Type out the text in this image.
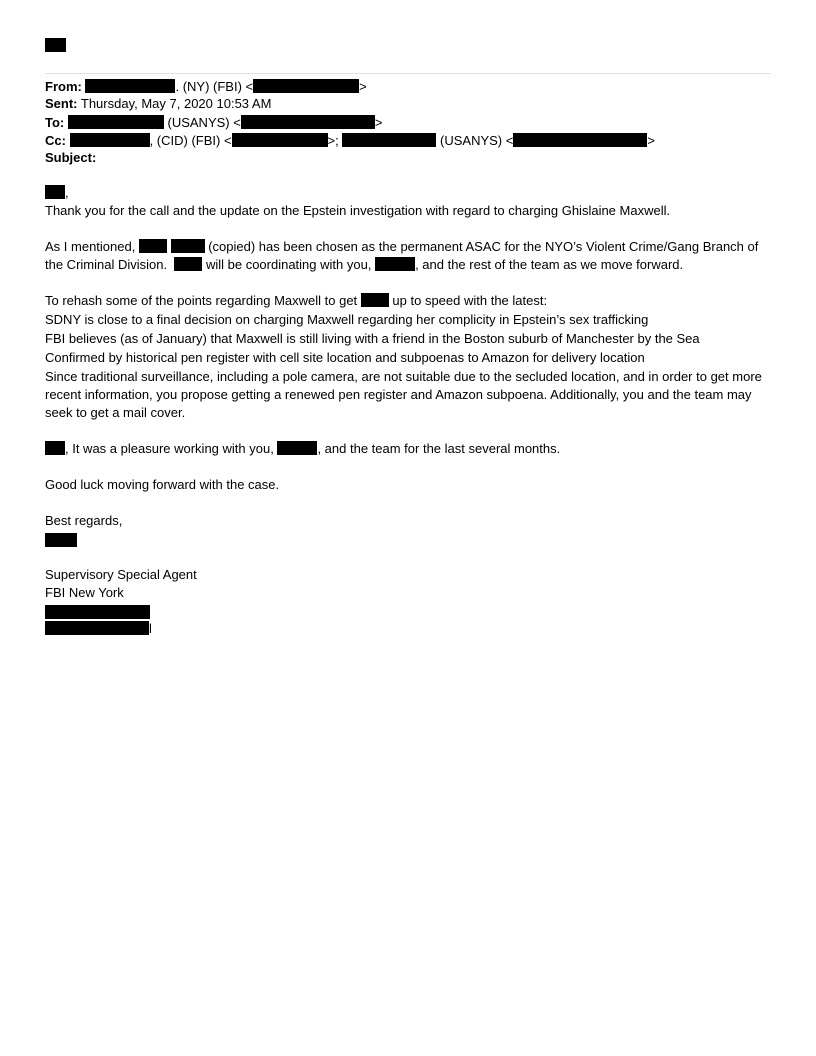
From:	. (NY) (FBI) <	>
Sent: Thursday, May 7, 2020 10:53 AM
To:	(USANYS) <	>
Cc:	, (CID) (FBI) <	>;	(USANYS) <	>
Subject:
,
Thank you for the call and the update on the Epstein investigation with regard to charging Ghislaine Maxwell.
As I mentioned,	(copied) has been chosen as the permanent ASAC for the NYO’s Violent Crime/Gang Branch of
the Criminal Division.	will be coordinating with you,	, and the rest of the team as we move forward.
To rehash some of the points regarding Maxwell to get	up to speed with the latest:
SDNY is close to a final decision on charging Maxwell regarding her complicity in Epstein’s sex trafficking
FBI believes (as of January) that Maxwell is still living with a friend in the Boston suburb of Manchester by the Sea
Confirmed by historical pen register with cell site location and subpoenas to Amazon for delivery location
Since traditional surveillance, including a pole camera, are not suitable due to the secluded location, and in order to get more recent information, you propose getting a renewed pen register and Amazon subpoena. Additionally, you and the team may seek to get a mail cover.
, It was a pleasure working with you,	, and the team for the last several months.
Good luck moving forward with the case.
Best regards,
Supervisory Special Agent
FBI New York
l
